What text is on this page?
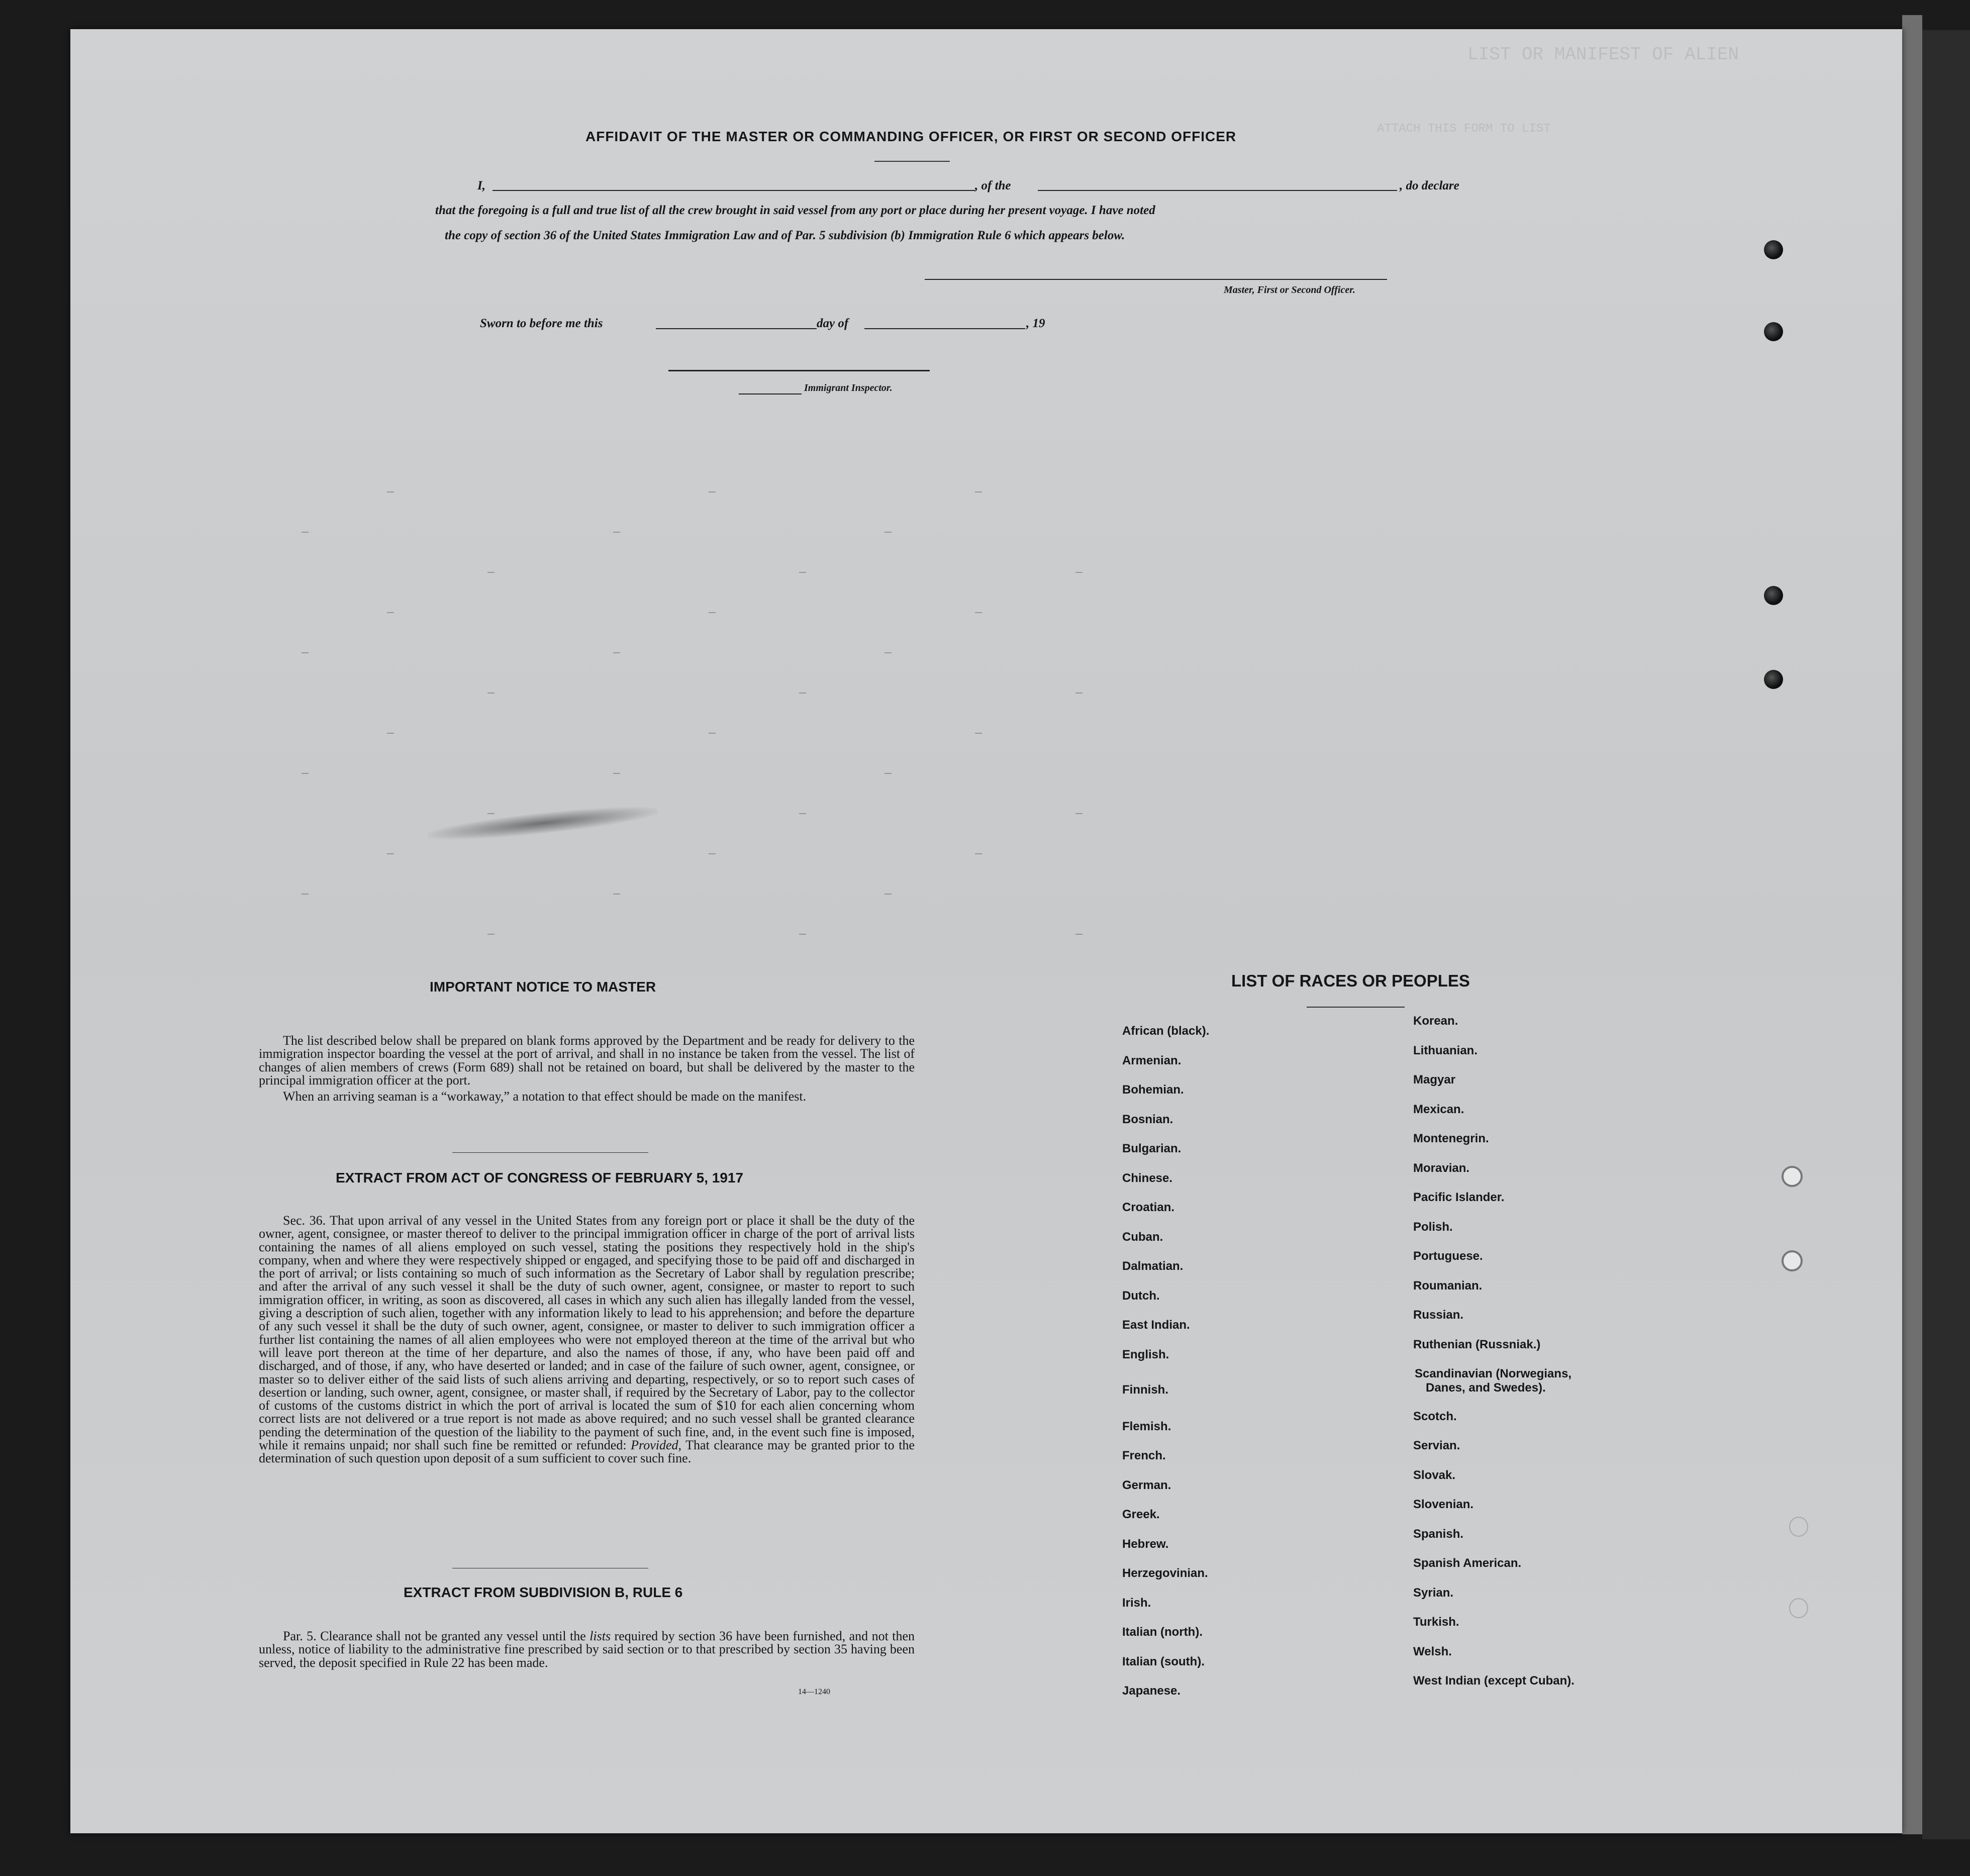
LIST OR MANIFEST OF ALIEN
ATTACH THIS FORM TO LIST
AFFIDAVIT OF THE MASTER OR COMMANDING OFFICER, OR FIRST OR SECOND OFFICER
I,	, of the	, do declare
that the foregoing is a full and true list of all the crew brought in said vessel from any port or place during her present voyage. I have noted
the copy of section 36 of the United States Immigration Law and of Par. 5 subdivision (b) Immigration Rule 6 which appears below.
Master, First or Second Officer.
Sworn to before me this	day of	, 19
Immigrant Inspector.
IMPORTANT NOTICE TO MASTER

The list described below shall be prepared on blank forms approved by the Department and be ready for delivery to the immigration inspector boarding the vessel at the port of arrival, and shall in no instance be taken from the vessel. The list of changes of alien members of crews (Form 689) shall not be retained on board, but shall be delivered by the master to the principal immigration officer at the port.

When an arriving seaman is a “workaway,” a notation to that effect should be made on the manifest.

EXTRACT FROM ACT OF CONGRESS OF FEBRUARY 5, 1917

Sec. 36. That upon arrival of any vessel in the United States from any foreign port or place it shall be the duty of the owner, agent, consignee, or master thereof to deliver to the principal immigration officer in charge of the port of arrival lists containing the names of all aliens employed on such vessel, stating the positions they respectively hold in the ship's company, when and where they were respectively shipped or engaged, and specifying those to be paid off and discharged in the port of arrival; or lists containing so much of such information as the Secretary of Labor shall by regulation prescribe; and after the arrival of any such vessel it shall be the duty of such owner, agent, consignee, or master to report to such immigration officer, in writing, as soon as discovered, all cases in which any such alien has illegally landed from the vessel, giving a description of such alien, together with any information likely to lead to his apprehension; and before the departure of any such vessel it shall be the duty of such owner, agent, consignee, or master to deliver to such immigration officer a further list containing the names of all alien employees who were not employed thereon at the time of the arrival but who will leave port thereon at the time of her departure, and also the names of those, if any, who have been paid off and discharged, and of those, if any, who have deserted or landed; and in case of the failure of such owner, agent, consignee, or master so to deliver either of the said lists of such aliens arriving and departing, respectively, or so to report such cases of desertion or landing, such owner, agent, consignee, or master shall, if required by the Secretary of Labor, pay to the collector of customs of the customs district in which the port of arrival is located the sum of $10 for each alien concerning whom correct lists are not delivered or a true report is not made as above required; and no such vessel shall be granted clearance pending the determination of the question of the liability to the payment of such fine, and, in the event such fine is imposed, while it remains unpaid; nor shall such fine be remitted or refunded: Provided, That clearance may be granted prior to the determination of such question upon deposit of a sum sufficient to cover such fine.

EXTRACT FROM SUBDIVISION B, RULE 6

Par. 5. Clearance shall not be granted any vessel until the lists required by section 36 have been furnished, and not then unless, notice of liability to the administrative fine prescribed by said section or to that prescribed by section 35 having been served, the deposit specified in Rule 22 has been made.

14—1240
LIST OF RACES OR PEOPLES
African (black).
Armenian.
Bohemian.
Bosnian.
Bulgarian.
Chinese.
Croatian.
Cuban.
Dalmatian.
Dutch.
East Indian.
English.
Finnish.
Flemish.
French.
German.
Greek.
Hebrew.
Herzegovinian.
Irish.
Italian (north).
Italian (south).
Japanese.
Korean.
Lithuanian.
Magyar
Mexican.
Montenegrin.
Moravian.
Pacific Islander.
Polish.
Portuguese.
Roumanian.
Russian.
Ruthenian (Russniak.)
Scandinavian (Norwegians,
Danes, and Swedes).
Scotch.
Servian.
Slovak.
Slovenian.
Spanish.
Spanish American.
Syrian.
Turkish.
Welsh.
West Indian (except Cuban).
